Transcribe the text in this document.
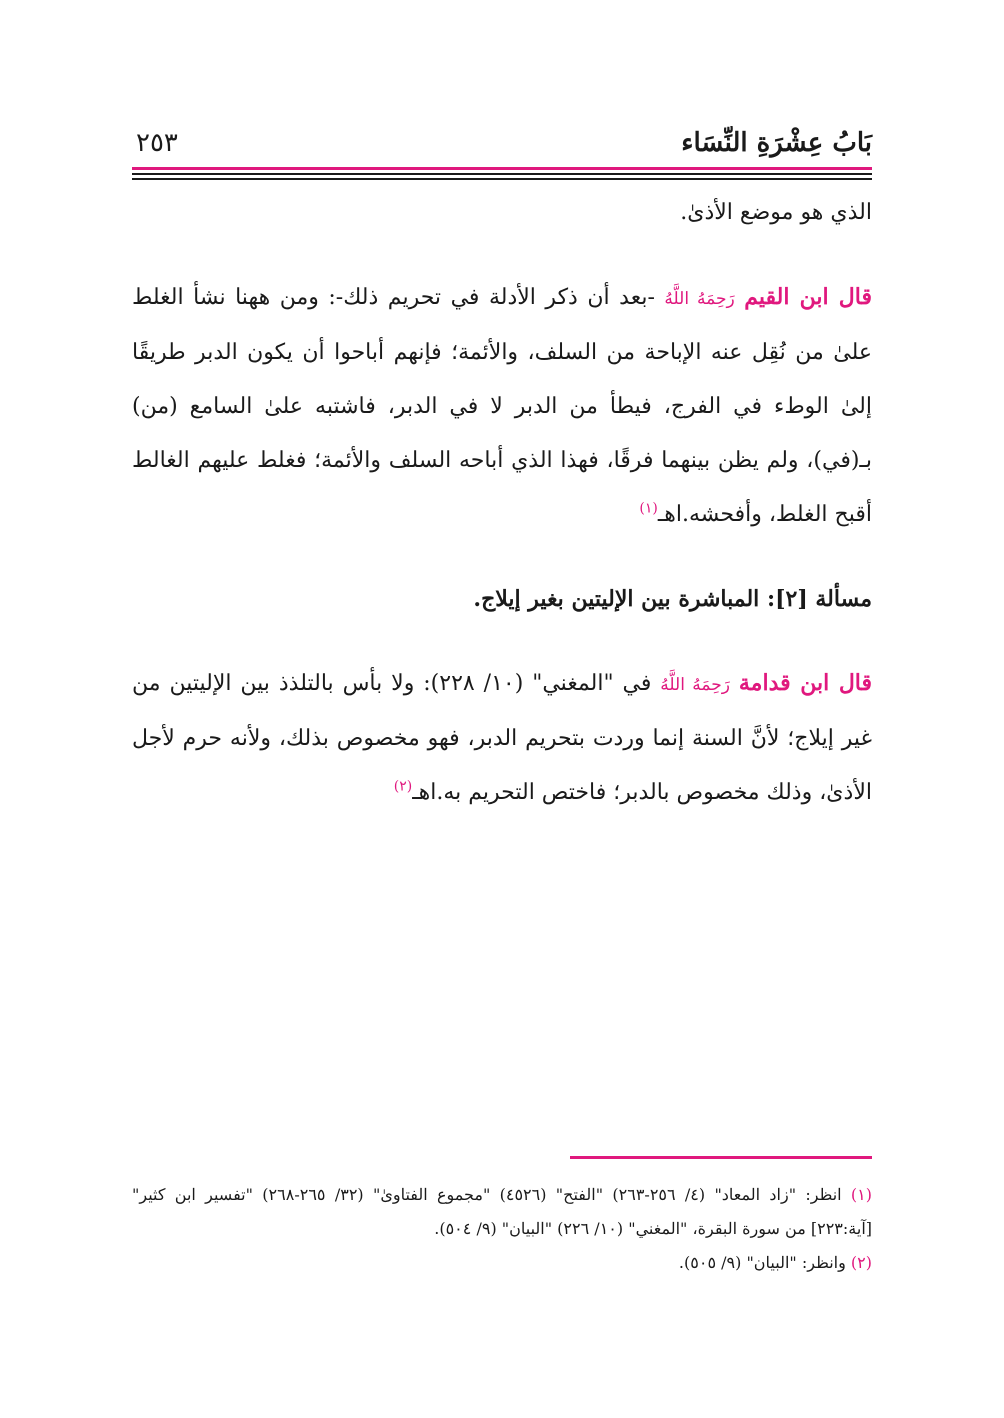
بَابُ عِشْرَةِ النِّسَاء
٢٥٣

الذي هو موضع الأذىٰ.

قال ابن القيم رَحِمَهُ اللَّهُ -بعد أن ذكر الأدلة في تحريم ذلك-: ومن ههنا نشأ الغلط علىٰ من نُقِل عنه الإباحة من السلف، والأئمة؛ فإنهم أباحوا أن يكون الدبر طريقًا إلىٰ الوطء في الفرج، فيطأ من الدبر لا في الدبر، فاشتبه علىٰ السامع (من) بـ(في)، ولم يظن بينهما فرقًا، فهذا الذي أباحه السلف والأئمة؛ فغلط عليهم الغالط أقبح الغلط، وأفحشه.اهـ$^{(١)}$

مسألة [٢]: المباشرة بين الإليتين بغير إيلاج.

قال ابن قدامة رَحِمَهُ اللَّهُ في "المغني" (١٠/ ٢٢٨): ولا بأس بالتلذذ بين الإليتين من غير إيلاج؛ لأنَّ السنة إنما وردت بتحريم الدبر، فهو مخصوص بذلك، ولأنه حرم لأجل الأذىٰ، وذلك مخصوص بالدبر؛ فاختص التحريم به.اهـ$^{(٢)}$

(١) انظر: "زاد المعاد" (٤/ ٢٥٦-٢٦٣) "الفتح" (٤٥٢٦) "مجموع الفتاوىٰ" (٣٢/ ٢٦٥-٢٦٨) "تفسير ابن كثير" [آية:٢٢٣] من سورة البقرة، "المغني" (١٠/ ٢٢٦) "البيان" (٩/ ٥٠٤).

(٢) وانظر: "البيان" (٩/ ٥٠٥).
